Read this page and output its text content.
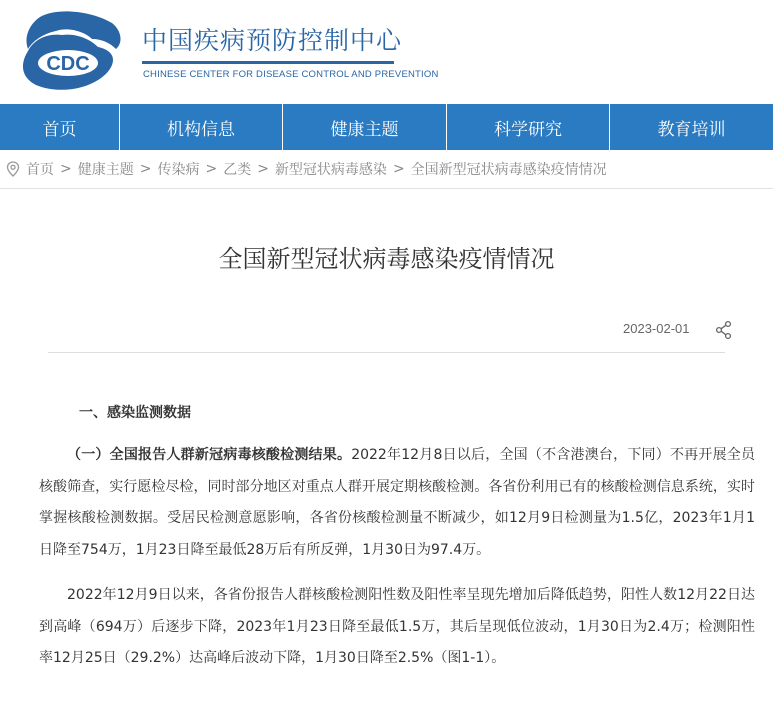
CDC
中国疾病预防控制中心
CHINESE CENTER FOR DISEASE CONTROL AND PREVENTION
首页	机构信息	健康主题	科学研究	教育培训
首页 > 健康主题 > 传染病 > 乙类 > 新型冠状病毒感染 > 全国新型冠状病毒感染疫情情况
全国新型冠状病毒感染疫情情况
2023-02-01

一、感染监测数据

（一）全国报告人群新冠病毒核酸检测结果。2022年12月8日以后，全国（不含港澳台，下同）不再开展全员核酸筛查，实行愿检尽检，同时部分地区对重点人群开展定期核酸检测。各省份利用已有的核酸检测信息系统，实时掌握核酸检测数据。受居民检测意愿影响，各省份核酸检测量不断减少，如12月9日检测量为1.5亿，2023年1月1日降至754万，1月23日降至最低28万后有所反弹，1月30日为97.4万。

2022年12月9日以来，各省份报告人群核酸检测阳性数及阳性率呈现先增加后降低趋势，阳性人数12月22日达到高峰（694万）后逐步下降，2023年1月23日降至最低1.5万，其后呈现低位波动，1月30日为2.4万；检测阳性率12月25日（29.2%）达高峰后波动下降，1月30日降至2.5%（图1-1）。
